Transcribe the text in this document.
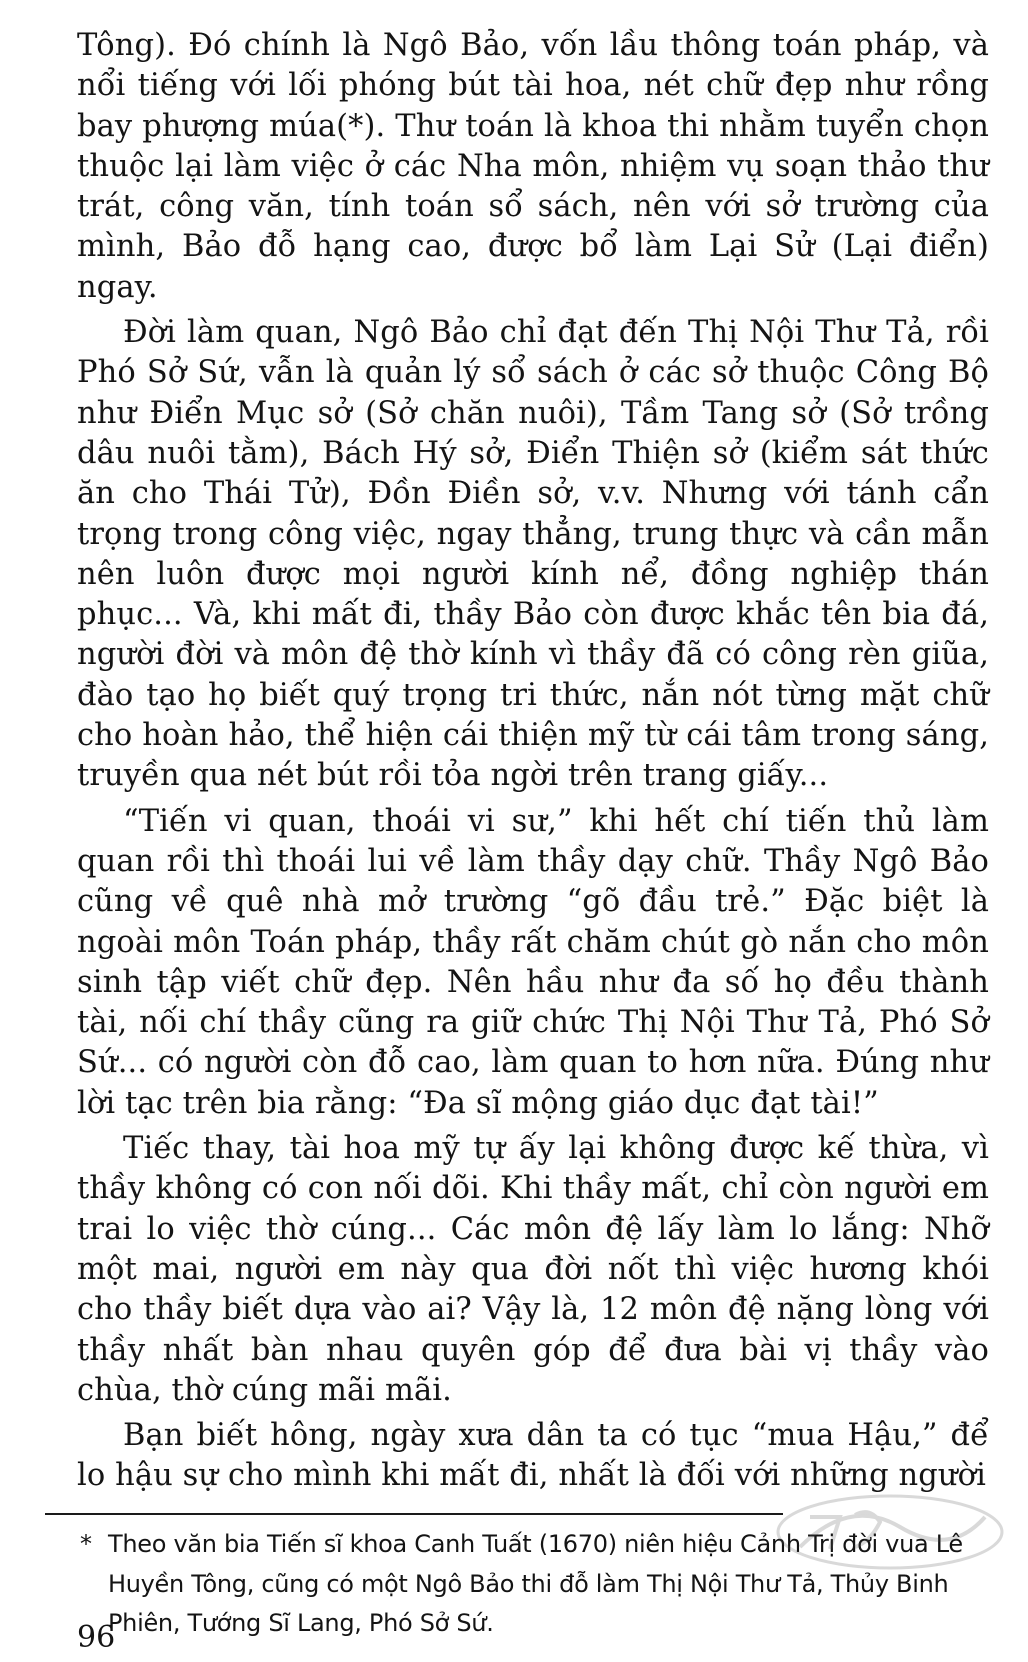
Tông). Đó chính là Ngô Bảo, vốn lầu thông toán pháp, và nổi tiếng với lối phóng bút tài hoa, nét chữ đẹp như rồng bay phượng múa(*). Thư toán là khoa thi nhằm tuyển chọn thuộc lại làm việc ở các Nha môn, nhiệm vụ soạn thảo thư trát, công văn, tính toán sổ sách, nên với sở trường của mình, Bảo đỗ hạng cao, được bổ làm Lại Sử (Lại điển) ngay.

Đời làm quan, Ngô Bảo chỉ đạt đến Thị Nội Thư Tả, rồi Phó Sở Sứ, vẫn là quản lý sổ sách ở các sở thuộc Công Bộ như Điển Mục sở (Sở chăn nuôi), Tầm Tang sở (Sở trồng dâu nuôi tằm), Bách Hý sở, Điển Thiện sở (kiểm sát thức ăn cho Thái Tử), Đồn Điền sở, v.v. Nhưng với tánh cẩn trọng trong công việc, ngay thẳng, trung thực và cần mẫn nên luôn được mọi người kính nể, đồng nghiệp thán phục... Và, khi mất đi, thầy Bảo còn được khắc tên bia đá, người đời và môn đệ thờ kính vì thầy đã có công rèn giũa, đào tạo họ biết quý trọng tri thức, nắn nót từng mặt chữ cho hoàn hảo, thể hiện cái thiện mỹ từ cái tâm trong sáng, truyền qua nét bút rồi tỏa ngời trên trang giấy...

“Tiến vi quan, thoái vi sư,” khi hết chí tiến thủ làm quan rồi thì thoái lui về làm thầy dạy chữ. Thầy Ngô Bảo cũng về quê nhà mở trường “gõ đầu trẻ.” Đặc biệt là ngoài môn Toán pháp, thầy rất chăm chút gò nắn cho môn sinh tập viết chữ đẹp. Nên hầu như đa số họ đều thành tài, nối chí thầy cũng ra giữ chức Thị Nội Thư Tả, Phó Sở Sứ... có người còn đỗ cao, làm quan to hơn nữa. Đúng như lời tạc trên bia rằng: “Đa sĩ mộng giáo dục đạt tài!”

Tiếc thay, tài hoa mỹ tự ấy lại không được kế thừa, vì thầy không có con nối dõi. Khi thầy mất, chỉ còn người em trai lo việc thờ cúng... Các môn đệ lấy làm lo lắng: Nhỡ một mai, người em này qua đời nốt thì việc hương khói cho thầy biết dựa vào ai? Vậy là, 12 môn đệ nặng lòng với thầy nhất bàn nhau quyên góp để đưa bài vị thầy vào chùa, thờ cúng mãi mãi.

Bạn biết hông, ngày xưa dân ta có tục “mua Hậu,” để lo hậu sự cho mình khi mất đi, nhất là đối với những người

* Theo văn bia Tiến sĩ khoa Canh Tuất (1670) niên hiệu Cảnh Trị đời vua Lê Huyền Tông, cũng có một Ngô Bảo thi đỗ làm Thị Nội Thư Tả, Thủy Binh Phiên, Tướng Sĩ Lang, Phó Sở Sứ.
96
